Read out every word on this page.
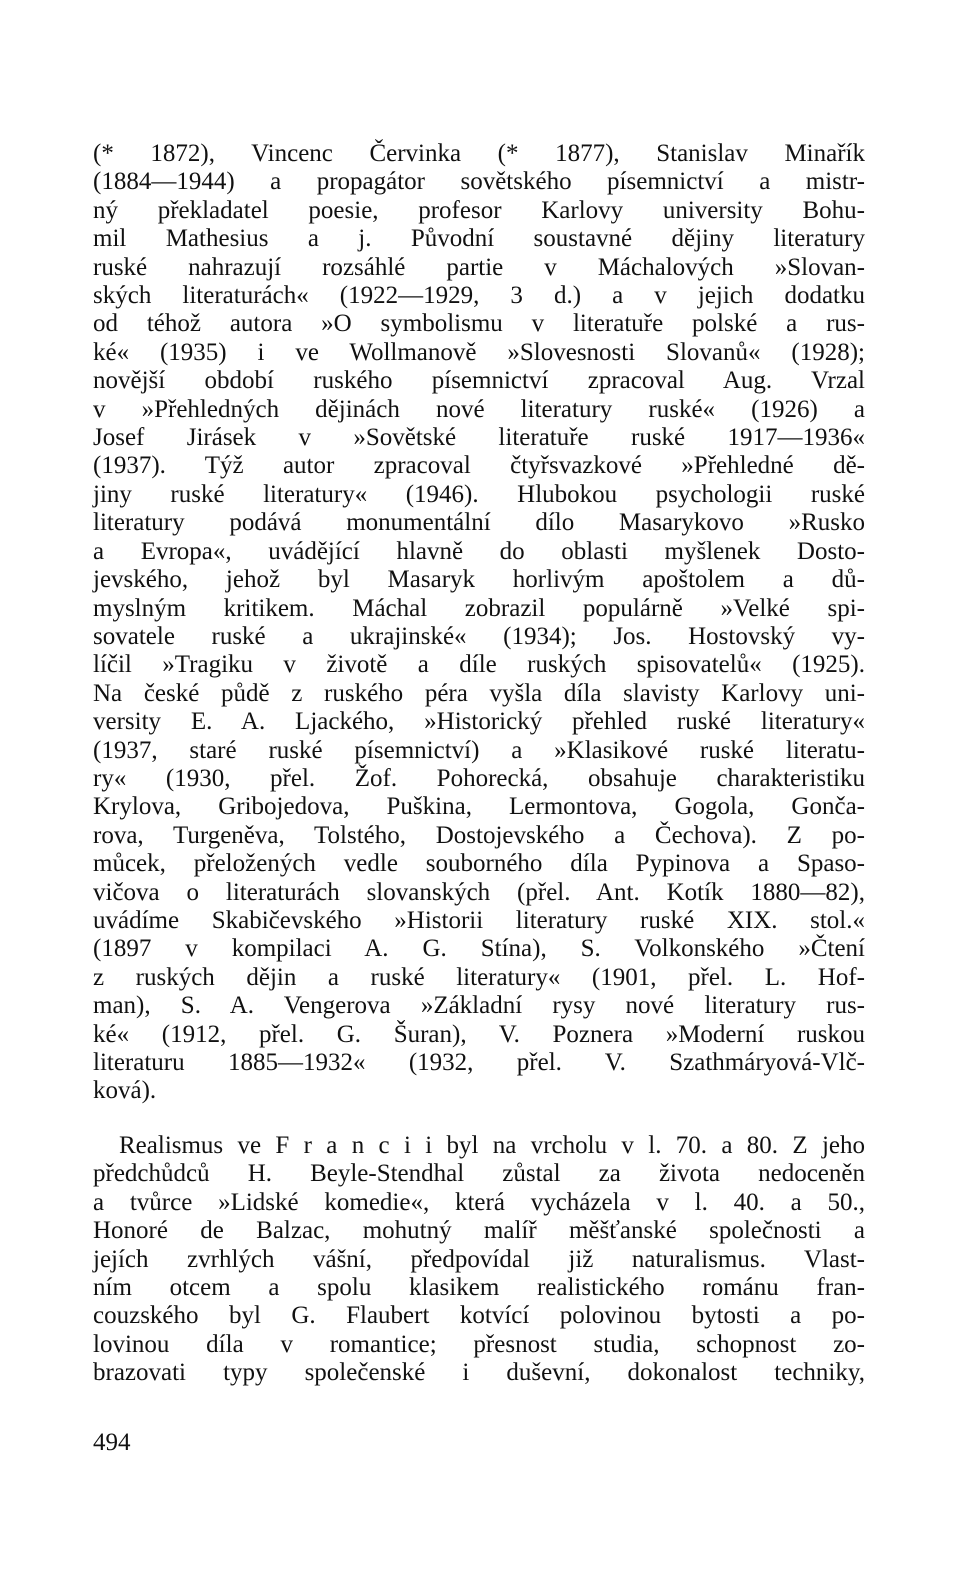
(* 1872), Vincenc Červinka (* 1877), Stanislav Minařík
(1884—1944) a propagátor sovětského písemnictví a mistr-
ný překladatel poesie, profesor Karlovy university Bohu-
mil Mathesius a j. Původní soustavné dějiny literatury
ruské nahrazují rozsáhlé partie v Máchalových »Slovan-
ských literaturách« (1922—1929, 3 d.) a v jejich dodatku
od téhož autora »O symbolismu v literatuře polské a rus-
ké« (1935) i ve Wollmanově »Slovesnosti Slovanů« (1928);
novější období ruského písemnictví zpracoval Aug. Vrzal
v »Přehledných dějinách nové literatury ruské« (1926) a
Josef Jirásek v »Sovětské literatuře ruské 1917—1936«
(1937). Týž autor zpracoval čtyřsvazkové »Přehledné dě-
jiny ruské literatury« (1946). Hlubokou psychologii ruské
literatury podává monumentální dílo Masarykovo »Rusko
a Evropa«, uvádějící hlavně do oblasti myšlenek Dosto-
jevského, jehož byl Masaryk horlivým apoštolem a dů-
myslným kritikem. Máchal zobrazil populárně »Velké spi-
sovatele ruské a ukrajinské« (1934); Jos. Hostovský vy-
líčil »Tragiku v životě a díle ruských spisovatelů« (1925).
Na české půdě z ruského péra vyšla díla slavisty Karlovy uni-
versity E. A. Ljackého, »Historický přehled ruské literatury«
(1937, staré ruské písemnictví) a »Klasikové ruské literatu-
ry« (1930, přel. Žof. Pohorecká, obsahuje charakteristiku
Krylova, Gribojedova, Puškina, Lermontova, Gogola, Gonča-
rova, Turgeněva, Tolstého, Dostojevského a Čechova). Z po-
můcek, přeložených vedle souborného díla Pypinova a Spaso-
vičova o literaturách slovanských (přel. Ant. Kotík 1880—82),
uvádíme Skabičevského »Historii literatury ruské XIX. stol.«
(1897 v kompilaci A. G. Stína), S. Volkonského »Čtení
z ruských dějin a ruské literatury« (1901, přel. L. Hof-
man), S. A. Vengerova »Základní rysy nové literatury rus-
ké« (1912, přel. G. Šuran), V. Poznera »Moderní ruskou
literaturu 1885—1932« (1932, přel. V. Szathmáryová-Vlč-
ková).
Realismus ve F r a n c i i byl na vrcholu v l. 70. a 80. Z jeho
předchůdců H. Beyle-Stendhal zůstal za života nedoceněn
a tvůrce »Lidské komedie«, která vycházela v l. 40. a 50.,
Honoré de Balzac, mohutný malíř měšťanské společnosti a
jejích zvrhlých vášní, předpovídal již naturalismus. Vlast-
ním otcem a spolu klasikem realistického románu fran-
couzského byl G. Flaubert kotvící polovinou bytosti a po-
lovinou díla v romantice; přesnost studia, schopnost zo-
brazovati typy společenské i duševní, dokonalost techniky,
494
